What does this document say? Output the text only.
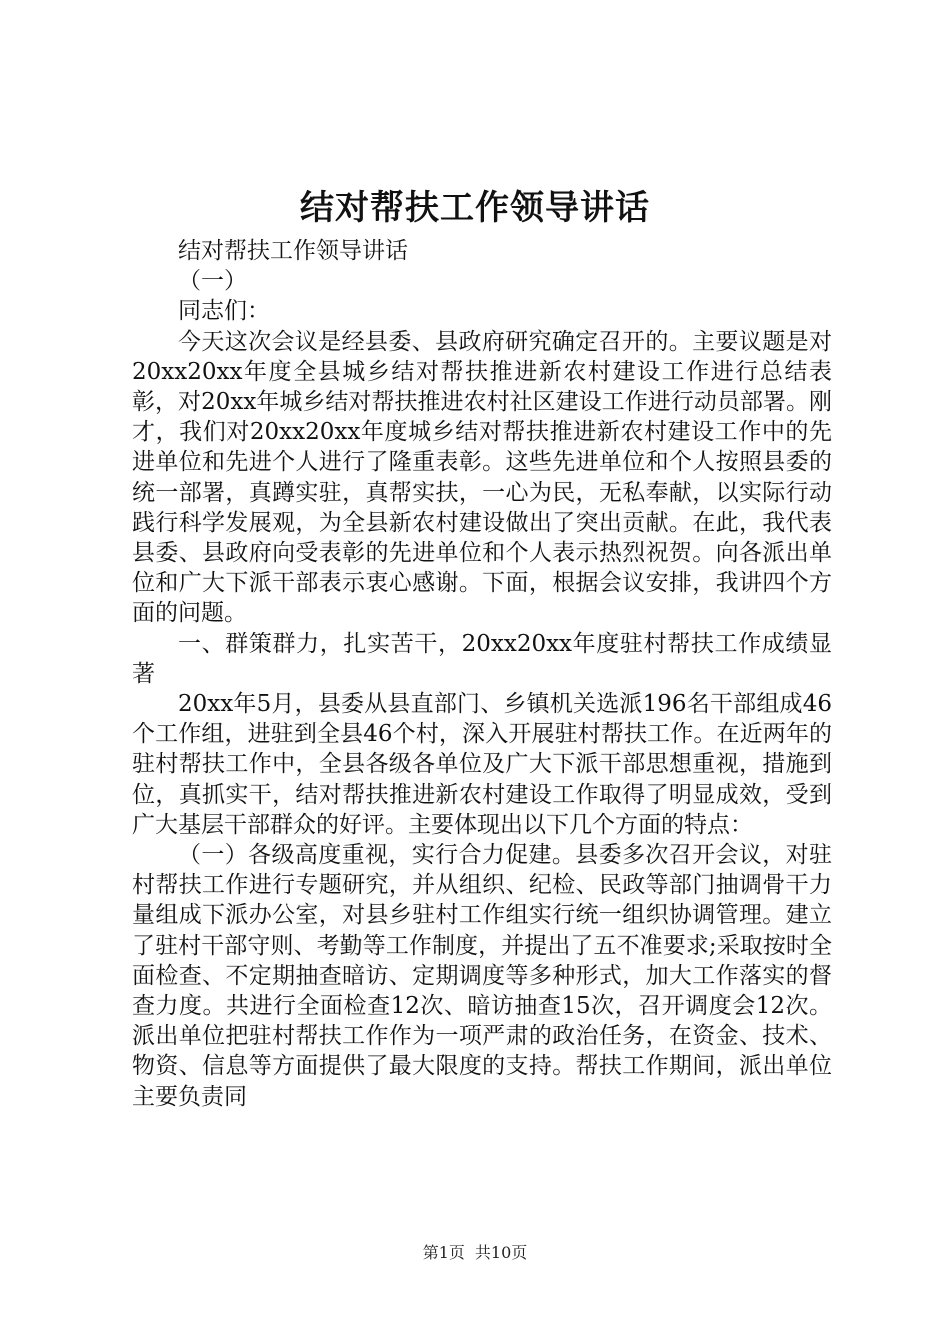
结对帮扶工作领导讲话

结对帮扶工作领导讲话

（一）

同志们：

今天这次会议是经县委、县政府研究确定召开的。主要议题是对20xx20xx年度全县城乡结对帮扶推进新农村建设工作进行总结表彰，对20xx年城乡结对帮扶推进农村社区建设工作进行动员部署。刚才，我们对20xx20xx年度城乡结对帮扶推进新农村建设工作中的先进单位和先进个人进行了隆重表彰。这些先进单位和个人按照县委的统一部署，真蹲实驻，真帮实扶，一心为民，无私奉献，以实际行动践行科学发展观，为全县新农村建设做出了突出贡献。在此，我代表县委、县政府向受表彰的先进单位和个人表示热烈祝贺。向各派出单位和广大下派干部表示衷心感谢。下面，根据会议安排，我讲四个方面的问题。

一、群策群力，扎实苦干，20xx20xx年度驻村帮扶工作成绩显著

20xx年5月，县委从县直部门、乡镇机关选派196名干部组成46个工作组，进驻到全县46个村，深入开展驻村帮扶工作。在近两年的驻村帮扶工作中，全县各级各单位及广大下派干部思想重视，措施到位，真抓实干，结对帮扶推进新农村建设工作取得了明显成效，受到广大基层干部群众的好评。主要体现出以下几个方面的特点：

（一）各级高度重视，实行合力促建。县委多次召开会议，对驻村帮扶工作进行专题研究，并从组织、纪检、民政等部门抽调骨干力量组成下派办公室，对县乡驻村工作组实行统一组织协调管理。建立了驻村干部守则、考勤等工作制度，并提出了五不准要求;采取按时全面检查、不定期抽查暗访、定期调度等多种形式，加大工作落实的督查力度。共进行全面检查12次、暗访抽查15次，召开调度会12次。派出单位把驻村帮扶工作作为一项严肃的政治任务，在资金、技术、物资、信息等方面提供了最大限度的支持。帮扶工作期间，派出单位主要负责同

第1页 共10页
